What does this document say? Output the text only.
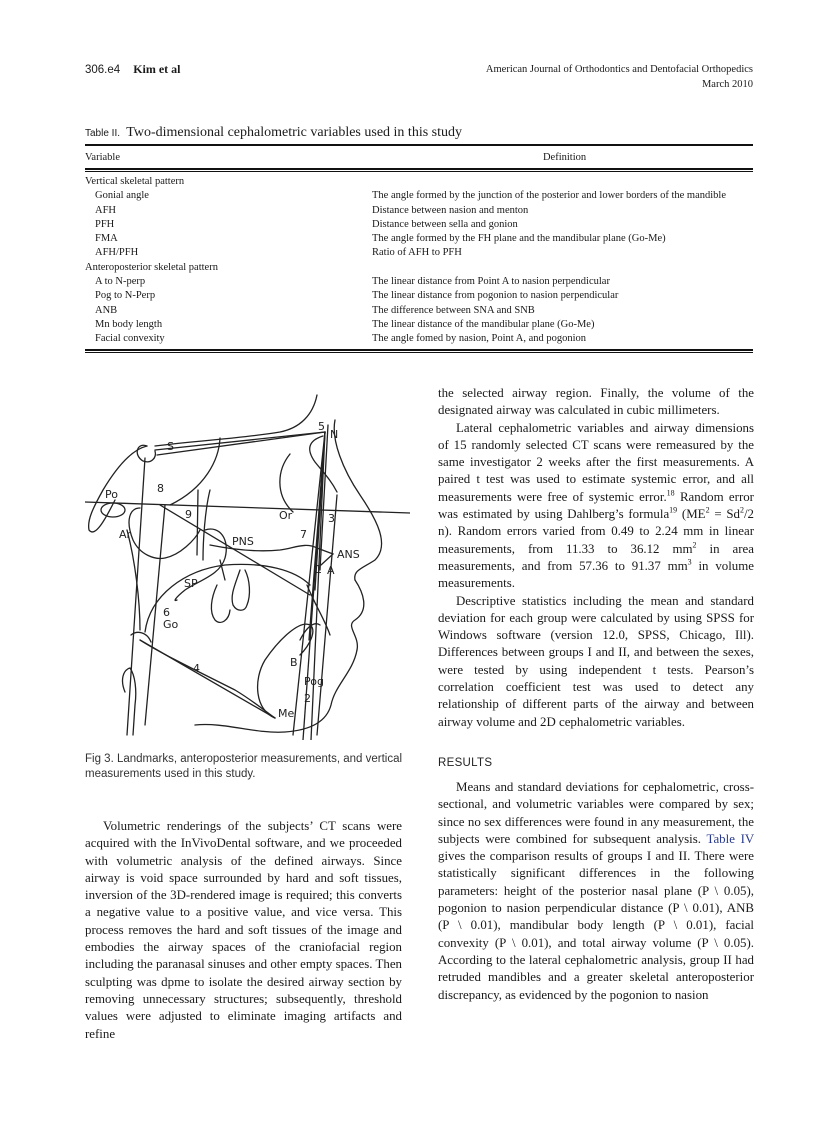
306.e4 Kim et al	American Journal of Orthodontics and Dentofacial Orthopedics
March 2010
Table II. Two-dimensional cephalometric variables used in this study
Variable	Definition
Vertical skeletal pattern	
Gonial angle	The angle formed by the junction of the posterior and lower borders of the mandible
AFH	Distance between nasion and menton
PFH	Distance between sella and gonion
FMA	The angle formed by the FH plane and the mandibular plane (Go-Me)
AFH/PFH	Ratio of AFH to PFH
Anteroposterior skeletal pattern	
A to N-perp	The linear distance from Point A to nasion perpendicular
Pog to N-Perp	The linear distance from pogonion to nasion perpendicular
ANB	The difference between SNA and SNB
Mn body length	The linear distance of the mandibular plane (Go-Me)
Facial convexity	The angle fomed by nasion, Point A, and pogonion
S
N
5
Po	8
9	Or	3
7
Ar
PNS
ANS
1 A
SP
6
Go
4	B
Pog
2
Me
Fig 3. Landmarks, anteroposterior measurements, and vertical measurements used in this study.

Volumetric renderings of the subjects’ CT scans were acquired with the InVivoDental software, and we proceeded with volumetric analysis of the defined airways. Since airway is void space surrounded by hard and soft tissues, inversion of the 3D-rendered image is required; this converts a negative value to a positive value, and vice versa. This process removes the hard and soft tissues of the image and embodies the airway spaces of the craniofacial region including the paranasal sinuses and other empty spaces. Then sculpting was dpme to isolate the desired airway section by removing unnecessary structures; subsequently, threshold values were adjusted to eliminate imaging artifacts and refine

the selected airway region. Finally, the volume of the designated airway was calculated in cubic millimeters.

Lateral cephalometric variables and airway dimensions of 15 randomly selected CT scans were remeasured by the same investigator 2 weeks after the first measurements. A paired t test was used to estimate systemic error, and all measurements were free of systemic error.$^{18}$ Random error was estimated by using Dahlberg’s formula$^{19}$ ($ME^2 = Sd^2/2$ n). Random errors varied from 0.49 to 2.24 mm in linear measurements, from 11.33 to 36.12 $mm^2$ in area measurements, and from 57.36 to 91.37 $mm^3$ in volume measurements.

Descriptive statistics including the mean and standard deviation for each group were calculated by using SPSS for Windows software (version 12.0, SPSS, Chicago, Ill). Differences between groups I and II, and between the sexes, were tested by using independent t tests. Pearson’s correlation coefficient test was used to detect any relationship of different parts of the airway and between airway volume and 2D cephalometric variables.

RESULTS

Means and standard deviations for cephalometric, cross-sectional, and volumetric variables were compared by sex; since no sex differences were found in any measurement, the subjects were combined for subsequent analysis. Table IV gives the comparison results of groups I and II. There were statistically significant differences in the following parameters: height of the posterior nasal plane (P \ 0.05), pogonion to nasion perpendicular distance (P \ 0.01), ANB (P \ 0.01), mandibular body length (P \ 0.01), facial convexity (P \ 0.01), and total airway volume (P \ 0.05). According to the lateral cephalometric analysis, group II had retruded mandibles and a greater skeletal anteroposterior discrepancy, as evidenced by the pogonion to nasion
